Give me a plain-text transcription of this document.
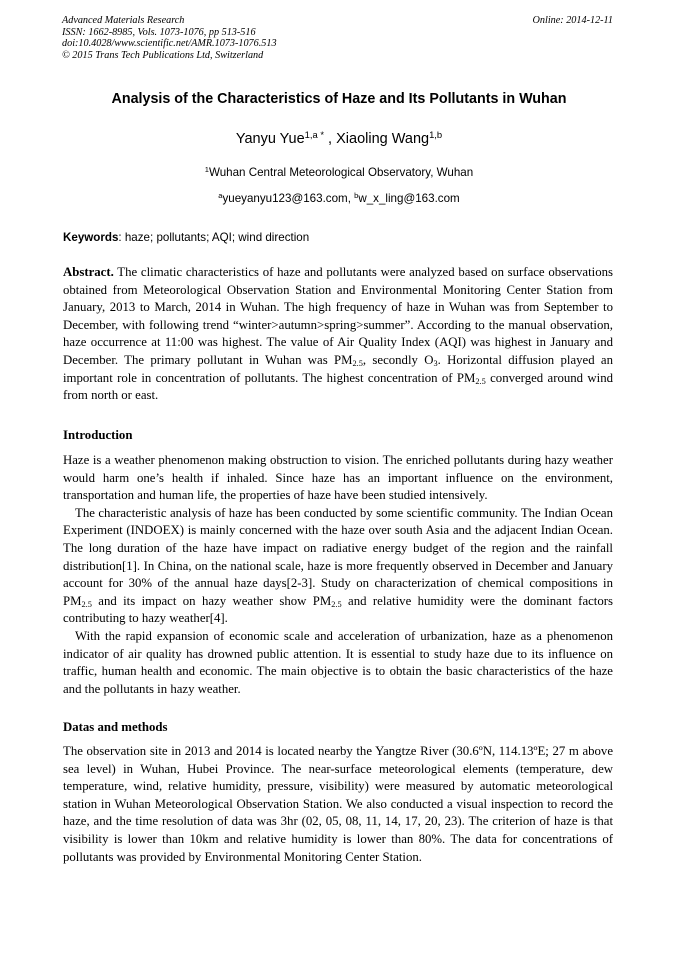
Advanced Materials Research
ISSN: 1662-8985, Vols. 1073-1076, pp 513-516
doi:10.4028/www.scientific.net/AMR.1073-1076.513
© 2015 Trans Tech Publications Ltd, Switzerland
Online: 2014-12-11
Analysis of the Characteristics of Haze and Its Pollutants in Wuhan
Yanyu Yue$^{1,a *}$ , Xiaoling Wang$^{1,b}$
$^1$Wuhan Central Meteorological Observatory, Wuhan
$^a$yueyanyu123@163.com, $^b$w_x_ling@163.com
Keywords: haze; pollutants; AQI; wind direction

Abstract. The climatic characteristics of haze and pollutants were analyzed based on surface observations obtained from Meteorological Observation Station and Environmental Monitoring Center Station from January, 2013 to March, 2014 in Wuhan. The high frequency of haze in Wuhan was from September to December, with following trend “winter>autumn>spring>summer”. According to the manual observation, haze occurrence at 11:00 was highest. The value of Air Quality Index (AQI) was highest in January and December. The primary pollutant in Wuhan was $PM_{2.5}$, secondly $O_3$. Horizontal diffusion played an important role in concentration of pollutants. The highest concentration of $PM_{2.5}$ converged around wind from north or east.

Introduction

Haze is a weather phenomenon making obstruction to vision. The enriched pollutants during hazy weather would harm one’s health if inhaled. Since haze has an important influence on the environment, transportation and human life, the properties of haze have been studied intensively.

The characteristic analysis of haze has been conducted by some scientific community. The Indian Ocean Experiment (INDOEX) is mainly concerned with the haze over south Asia and the adjacent Indian Ocean. The long duration of the haze have impact on radiative energy budget of the region and the rainfall distribution[1]. In China, on the national scale, haze is more frequently observed in December and January account for 30% of the annual haze days[2-3]. Study on characterization of chemical compositions in $PM_{2.5}$ and its impact on hazy weather show $PM_{2.5}$ and relative humidity were the dominant factors contributing to hazy weather[4].

With the rapid expansion of economic scale and acceleration of urbanization, haze as a phenomenon indicator of air quality has drowned public attention. It is essential to study haze due to its influence on traffic, human health and economic. The main objective is to obtain the basic characteristics of the haze and the pollutants in hazy weather.

Datas and methods

The observation site in 2013 and 2014 is located nearby the Yangtze River (30.6ºN, 114.13ºE; 27 m above sea level) in Wuhan, Hubei Province. The near-surface meteorological elements (temperature, dew temperature, wind, relative humidity, pressure, visibility) were measured by automatic meteorological station in Wuhan Meteorological Observation Station. We also conducted a visual inspection to record the haze, and the time resolution of data was 3hr (02, 05, 08, 11, 14, 17, 20, 23). The criterion of haze is that visibility is lower than 10km and relative humidity is lower than 80%. The data for concentrations of pollutants was provided by Environmental Monitoring Center Station.
